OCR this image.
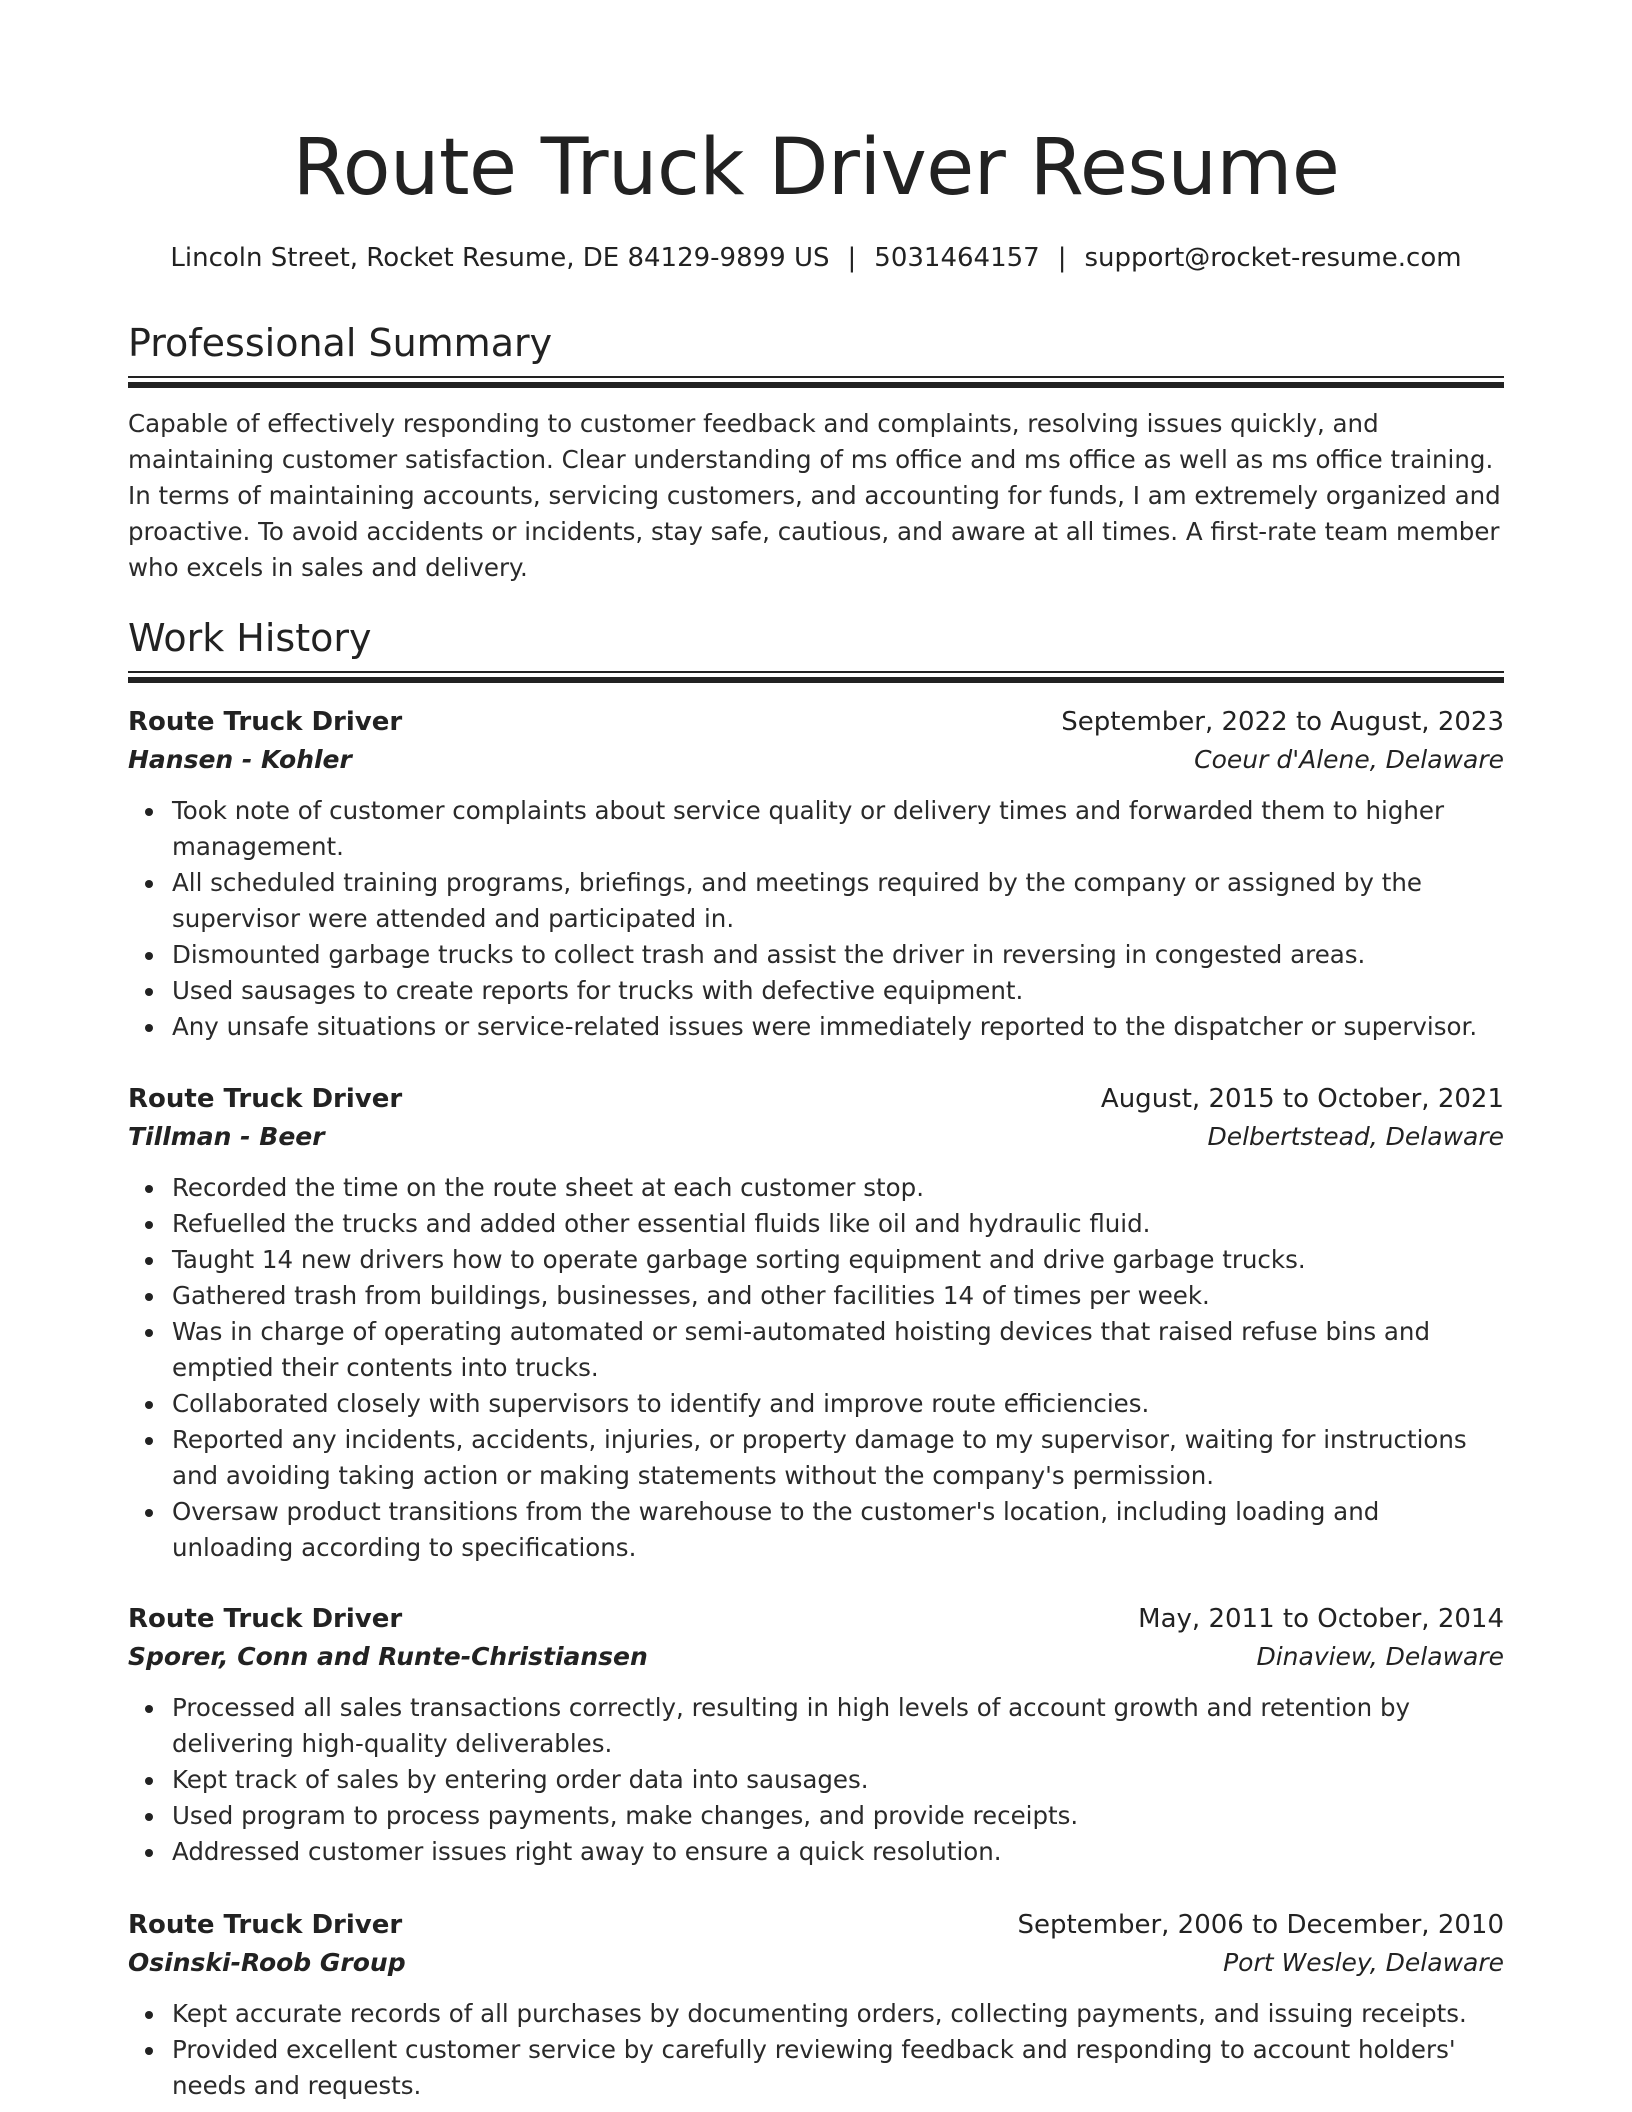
Route Truck Driver Resume
Lincoln Street, Rocket Resume, DE 84129-9899 US | 5031464157 | support@rocket-resume.com
Professional Summary

Capable of effectively responding to customer feedback and complaints, resolving issues quickly, and maintaining customer satisfaction. Clear understanding of ms office and ms office as well as ms office training. In terms of maintaining accounts, servicing customers, and accounting for funds, I am extremely organized and proactive. To avoid accidents or incidents, stay safe, cautious, and aware at all times. A first-rate team member who excels in sales and delivery.

Work History
Route Truck Driver	September, 2022 to August, 2023
Hansen - Kohler	Coeur d'Alene, Delaware
Took note of customer complaints about service quality or delivery times and forwarded them to higher management.
All scheduled training programs, briefings, and meetings required by the company or assigned by the supervisor were attended and participated in.
Dismounted garbage trucks to collect trash and assist the driver in reversing in congested areas.
Used sausages to create reports for trucks with defective equipment.
Any unsafe situations or service-related issues were immediately reported to the dispatcher or supervisor.
Route Truck Driver	August, 2015 to October, 2021
Tillman - Beer	Delbertstead, Delaware
Recorded the time on the route sheet at each customer stop.
Refuelled the trucks and added other essential fluids like oil and hydraulic fluid.
Taught 14 new drivers how to operate garbage sorting equipment and drive garbage trucks.
Gathered trash from buildings, businesses, and other facilities 14 of times per week.
Was in charge of operating automated or semi-automated hoisting devices that raised refuse bins and emptied their contents into trucks.
Collaborated closely with supervisors to identify and improve route efficiencies.
Reported any incidents, accidents, injuries, or property damage to my supervisor, waiting for instructions and avoiding taking action or making statements without the company's permission.
Oversaw product transitions from the warehouse to the customer's location, including loading and unloading according to specifications.
Route Truck Driver	May, 2011 to October, 2014
Sporer, Conn and Runte-Christiansen	Dinaview, Delaware
Processed all sales transactions correctly, resulting in high levels of account growth and retention by delivering high-quality deliverables.
Kept track of sales by entering order data into sausages.
Used program to process payments, make changes, and provide receipts.
Addressed customer issues right away to ensure a quick resolution.
Route Truck Driver	September, 2006 to December, 2010
Osinski-Roob Group	Port Wesley, Delaware
Kept accurate records of all purchases by documenting orders, collecting payments, and issuing receipts.
Provided excellent customer service by carefully reviewing feedback and responding to account holders' needs and requests.
